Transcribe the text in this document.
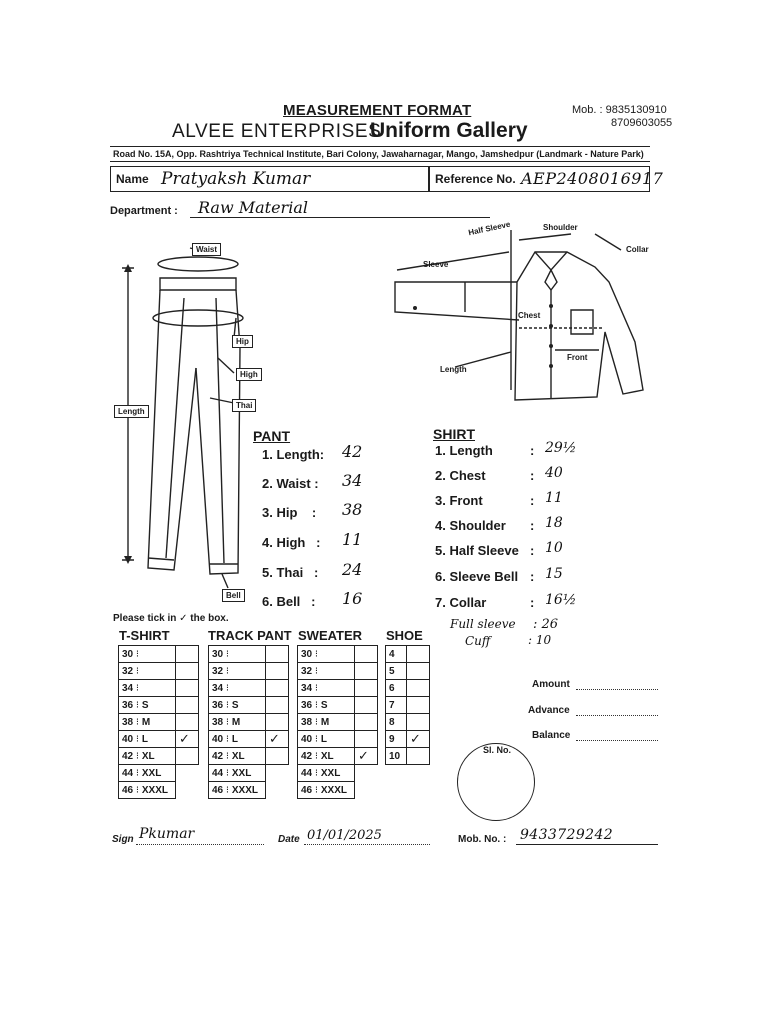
MEASUREMENT FORMAT	Mob. : 9835130910
8709603055
ALVEE ENTERPRISES
Uniform Gallery
Road No. 15A, Opp. Rashtriya Technical Institute, Bari Colony, Jawaharnagar, Mango, Jamshedpur (Landmark - Nature Park)
Name Pratyaksh Kumar	Reference No. AEP2408016917
Department : Raw Material
Waist
Hip
High
Thai
Length
Bell
Half Sleeve	Shoulder
Collar
Sleeve
Chest
Front
Length
PANT
1. Length: 42
2. Waist : 34
3. Hip    : 38
4. High   : 11
5. Thai   : 24
6. Bell   : 16
SHIRT
1. Length	: 29½
2. Chest	: 40
3. Front	: 11
4. Shoulder : 18
5. Half Sleeve : 10
6. Sleeve Bell : 15
7. Collar	: 16½
Full sleeve : 26
Cuff	: 10
Please tick in ✓ the box.
T-SHIRT	TRACK PANT SWEATER SHOE
30 ⁝	
32 ⁝	
34 ⁝	
36 ⁝ S	
38 ⁝ M	
40 ⁝ L	✓
42 ⁝ XL	
44 ⁝ XXL	
46 ⁝ XXXL	
30 ⁝	
32 ⁝	
34 ⁝	
36 ⁝ S	
38 ⁝ M	
40 ⁝ L	✓
42 ⁝ XL	
44 ⁝ XXL	
46 ⁝ XXXL	
30 ⁝	
32 ⁝	
34 ⁝	
36 ⁝ S	
38 ⁝ M	
40 ⁝ L	
42 ⁝ XL	✓
44 ⁝ XXL	
46 ⁝ XXXL	
4	
5	
6	
7	
8	
9	✓
10	
Amount
Advance
Balance
Sl. No.
Sign Pkumar	Date 01/01/2025	Mob. No. : 9433729242
